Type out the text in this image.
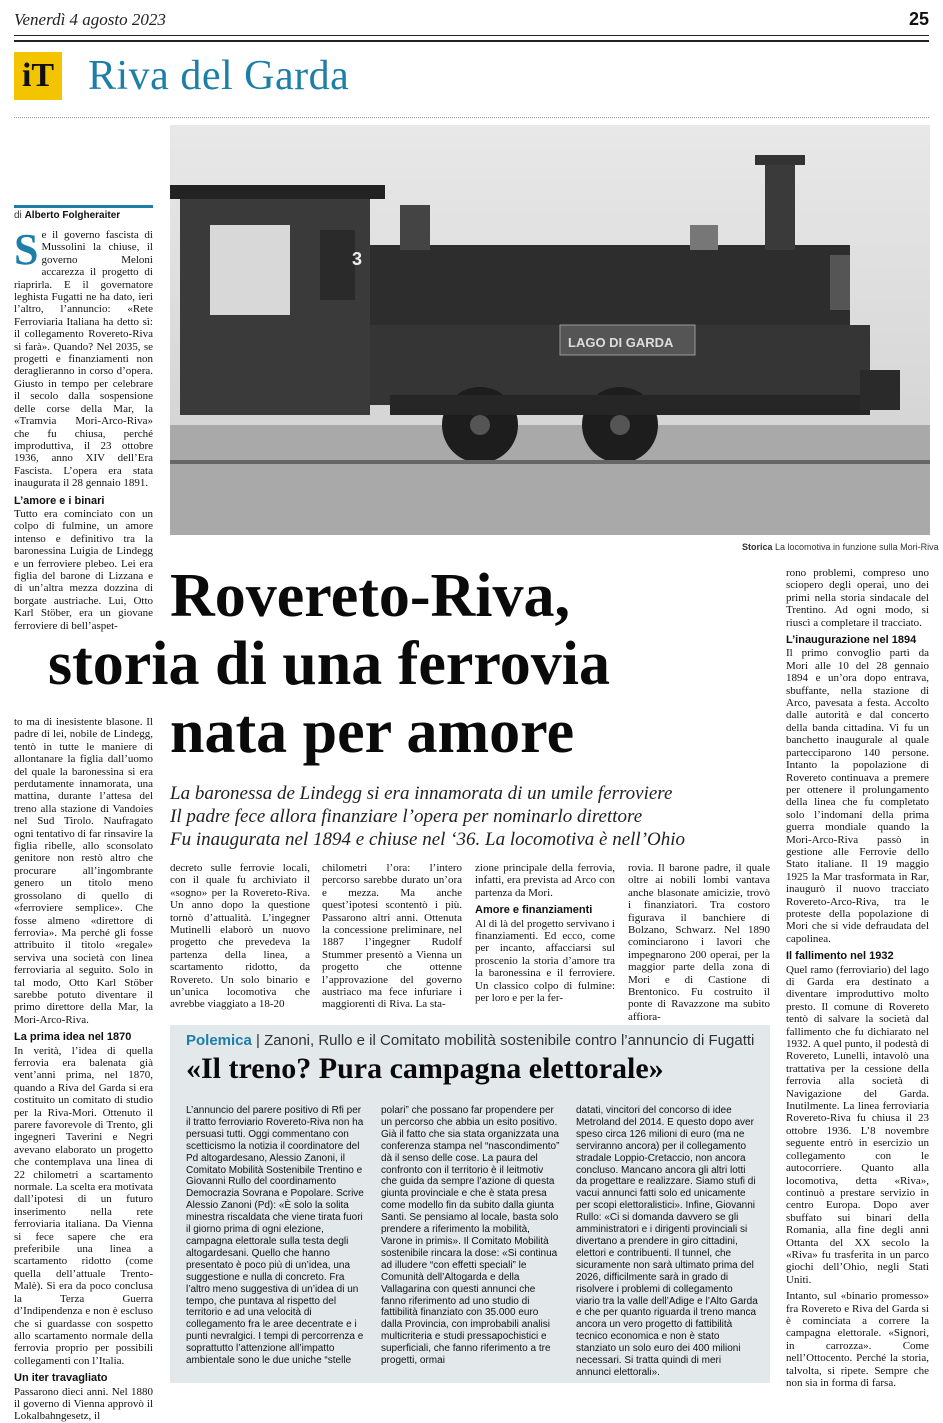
Venerdì 4 agosto 2023	25
iT Riva del Garda
3
LAGO DI GARDA
Storica La locomotiva in funzione sulla Mori-Riva
di Alberto Folgheraiter
S e il governo fascista di Mussolini la chiuse, il governo Meloni accarezza il progetto di riaprirla. E il governatore leghista Fugatti ne ha dato, ieri l’altro, l’annuncio: «Rete Ferroviaria Italiana ha detto sì: il collegamento Rovereto-Riva si farà». Quando? Nel 2035, se progetti e finanziamenti non deraglieranno in corso d’opera. Giusto in tempo per celebrare il secolo dalla sospensione delle corse della Mar, la «Tramvia Mori-Arco-Riva» che fu chiusa, perché improduttiva, il 23 ottobre 1936, anno XIV dell’Era Fascista. L’opera era stata inaugurata il 28 gennaio 1891.

L’amore e i binari

Tutto era cominciato con un colpo di fulmine, un amore intenso e definitivo tra la baronessina Luigia de Lindegg e un ferroviere plebeo. Lei era figlia del barone di Lizzana e di un’altra mezza dozzina di borgate austriache. Lui, Otto Karl Stöber, era un giovane ferroviere di bell’aspet- Rovereto-Riva,
storia di una ferrovia
nata per amore
La baronessa de Lindegg si era innamorata di un umile ferroviere
Il padre fece allora finanziare l’opera per nominarlo direttore
Fu inaugurata nel 1894 e chiuse nel ‘36. La locomotiva è nell’Ohio

to ma di inesistente blasone. Il padre di lei, nobile de Lindegg, tentò in tutte le maniere di allontanare la figlia dall’uomo del quale la baronessina si era perdutamente innamorata, una mattina, durante l’attesa del treno alla stazione di Vandoies nel Sud Tirolo. Naufragato ogni tentativo di far rinsavire la figlia ribelle, allo sconsolato genitore non restò altro che procurare all’ingombrante genero un titolo meno grossolano di quello di «ferroviere semplice». Che fosse almeno «direttore di ferrovia». Ma perché gli fosse attribuito il titolo «regale» serviva una società con linea ferroviaria al seguito. Solo in tal modo, Otto Karl Stöber sarebbe potuto diventare il primo direttore della Mar, la Mori-Arco-Riva.

La prima idea nel 1870

In verità, l’idea di quella ferrovia era balenata già vent’anni prima, nel 1870, quando a Riva del Garda si era costituito un comitato di studio per la Riva-Mori. Ottenuto il parere favorevole di Trento, gli ingegneri Taverini e Negri avevano elaborato un progetto che contemplava una linea di 22 chilometri a scartamento normale. La scelta era motivata dall’ipotesi di un futuro inserimento nella rete ferroviaria italiana. Da Vienna si fece sapere che era preferibile una linea a scartamento ridotto (come quella dell’attuale Trento-Malè). Si era da poco conclusa la Terza Guerra d’Indipendenza e non è escluso che si guardasse con sospetto allo scartamento normale della ferrovia proprio per possibili collegamenti con l’Italia.

Un iter travagliato

Passarono dieci anni. Nel 1880 il governo di Vienna approvò il Lokalbahngesetz, il

decreto sulle ferrovie locali, con il quale fu archiviato il «sogno» per la Rovereto-Riva. Un anno dopo la questione tornò d’attualità. L’ingegner Mutinelli elaborò un nuovo progetto che prevedeva la partenza della linea, a scartamento ridotto, da Rovereto. Un solo binario e un’unica locomotiva che avrebbe viaggiato a 18-20

chilometri l’ora: l’intero percorso sarebbe durato un’ora e mezza. Ma anche quest’ipotesi scontentò i più. Passarono altri anni. Ottenuta la concessione preliminare, nel 1887 l’ingegner Rudolf Stummer presentò a Vienna un progetto che ottenne l’approvazione del governo austriaco ma fece infuriare i maggiorenti di Riva. La sta-

zione principale della ferrovia, infatti, era prevista ad Arco con partenza da Mori.

Amore e finanziamenti

Al di là del progetto servivano i finanziamenti. Ed ecco, come per incanto, affacciarsi sul proscenio la storia d’amore tra la baronessina e il ferroviere. Un classico colpo di fulmine: per loro e per la fer-

rovia. Il barone padre, il quale oltre ai nobili lombi vantava anche blasonate amicizie, trovò i finanziatori. Tra costoro figurava il banchiere di Bolzano, Schwarz. Nel 1890 cominciarono i lavori che impegnarono 200 operai, per la maggior parte della zona di Mori e di Castione di Brentonico. Fu costruito il ponte di Ravazzone ma subito affiora-

rono problemi, compreso uno sciopero degli operai, uno dei primi nella storia sindacale del Trentino. Ad ogni modo, si riuscì a completare il tracciato.

L’inaugurazione nel 1894

Il primo convoglio partì da Mori alle 10 del 28 gennaio 1894 e un’ora dopo entrava, sbuffante, nella stazione di Arco, pavesata a festa. Accolto dalle autorità e dal concerto della banda cittadina. Vi fu un banchetto inaugurale al quale partecciparono 140 persone. Intanto la popolazione di Rovereto continuava a premere per ottenere il prolungamento della linea che fu completato solo l’indomani della prima guerra mondiale quando la Mori-Arco-Riva passò in gestione alle Ferrovie dello Stato italiane. Il 19 maggio 1925 la Mar trasformata in Rar, inaugurò il nuovo tracciato Rovereto-Arco-Riva, tra le proteste della popolazione di Mori che si vide defraudata del capolinea.

Il fallimento nel 1932

Quel ramo (ferroviario) del lago di Garda era destinato a diventare improduttivo molto presto. Il comune di Rovereto tentò di salvare la società dal fallimento che fu dichiarato nel 1932. A quel punto, il podestà di Rovereto, Lunelli, intavolò una trattativa per la cessione della ferrovia alla società di Navigazione del Garda. Inutilmente. La linea ferroviaria Rovereto-Riva fu chiusa il 23 ottobre 1936. L’8 novembre seguente entrò in esercizio un collegamento con le autocorriere. Quanto alla locomotiva, detta «Riva», continuò a prestare servizio in centro Europa. Dopo aver sbuffato sui binari della Romania, alla fine degli anni Ottanta del XX secolo la «Riva» fu trasferita in un parco giochi dell’Ohio, negli Stati Uniti.

Intanto, sul «binario promesso» fra Rovereto e Riva del Garda si è cominciata a correre la campagna elettorale. «Signori, in carrozza». Come nell’Ottocento. Perché la storia, talvolta, si ripete. Sempre che non sia in forma di farsa.

Polemica | Zanoni, Rullo e il Comitato mobilità sostenibile contro l’annuncio di Fugatti
«Il treno? Pura campagna elettorale»
L’annuncio del parere positivo di Rfi per il tratto ferroviario Rovereto-Riva non ha persuasi tutti. Oggi commentano con scetticismo la notizia il coordinatore del Pd altogardesano, Alessio Zanoni, il Comitato Mobilità Sostenibile Trentino e Giovanni Rullo del coordinamento Democrazia Sovrana e Popolare. Scrive Alessio Zanoni (Pd): «È solo la solita minestra riscaldata che viene tirata fuori il giorno prima di ogni elezione, campagna elettorale sulla testa degli altogardesani. Quello che hanno presentato è poco più di un’idea, una suggestione e nulla di concreto. Fra l’altro meno suggestiva di un’idea di un tempo, che puntava al rispetto del territorio e ad una velocità di collegamento fra le aree decentrate e i punti nevralgici. I tempi di percorrenza e soprattutto l’attenzione all’impatto ambientale sono le due uniche “stelle
polari” che possano far propendere per un percorso che abbia un esito positivo. Già il fatto che sia stata organizzata una conferenza stampa nel “nascondimento” dà il senso delle cose. La paura del confronto con il territorio è il leitmotiv che guida da sempre l’azione di questa giunta provinciale e che è stata presa come modello fin da subito dalla giunta Santi. Se pensiamo al locale, basta solo prendere a riferimento la mobilità, Varone in primis». Il Comitato Mobilità sostenibile rincara la dose: «Si continua ad illudere “con effetti speciali” le Comunità dell’Altogarda e della Vallagarina con questi annunci che fanno riferimento ad uno studio di fattibilità finanziato con 35.000 euro dalla Provincia, con improbabili analisi multicriteria e studi pressapochistici e superficiali, che fanno riferimento a tre progetti, ormai
datati, vincitori del concorso di idee Metroland del 2014. E questo dopo aver speso circa 126 milioni di euro (ma ne serviranno ancora) per il collegamento stradale Loppio-Cretaccio, non ancora concluso. Mancano ancora gli altri lotti da progettare e realizzare. Siamo stufi di vacui annunci fatti solo ed unicamente per scopi elettoralistici». Infine, Giovanni Rullo: «Ci si domanda davvero se gli amministratori e i dirigenti provinciali si divertano a prendere in giro cittadini, elettori e contribuenti. Il tunnel, che sicuramente non sarà ultimato prima del 2026, difficilmente sarà in grado di risolvere i problemi di collegamento viario tra la valle dell’Adige e l’Alto Garda e che per quanto riguarda il treno manca ancora un vero progetto di fattibilità tecnico economica e non è stato stanziato un solo euro dei 400 milioni necessari. Si tratta quindi di meri annunci elettorali».
